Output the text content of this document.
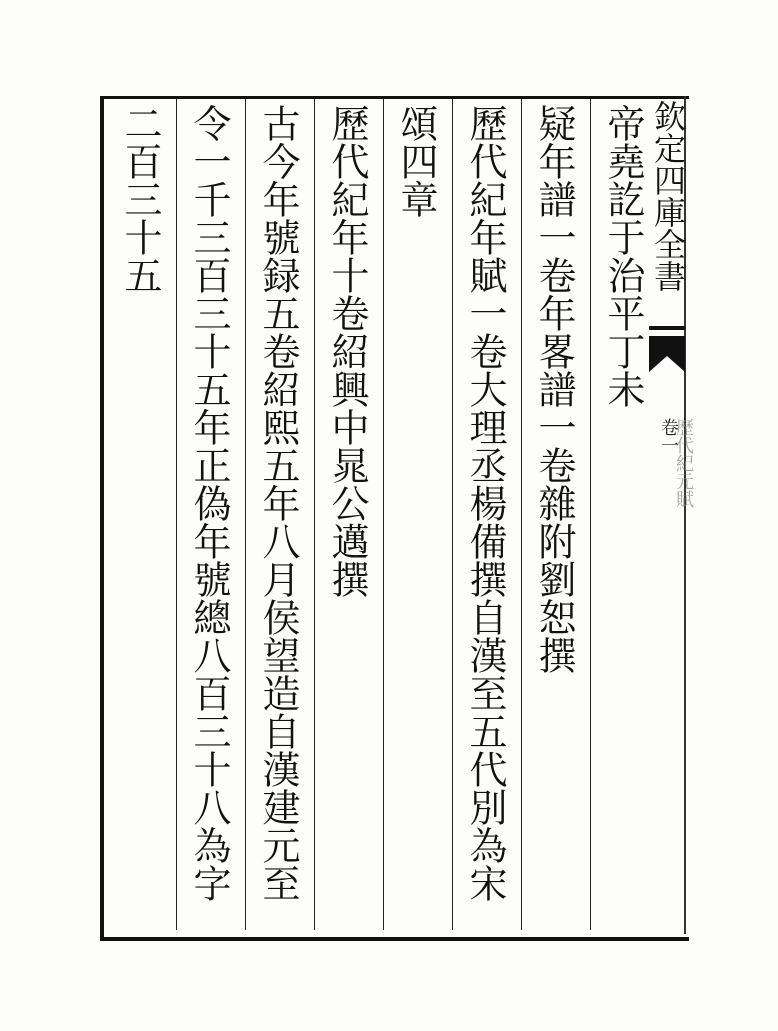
帝堯訖于治平丁未
疑年譜一卷年畧譜一卷雜附劉恕撰
歷代紀年賦一卷大理丞楊備撰自漢至五代別為宋
頌四章
歷代紀年十卷紹興中晁公邁撰
古今年號録五卷紹熙五年八月侯望造自漢建元至
令一千三百三十五年正偽年號總八百三十八為字
二百三十五	欽定四庫全書
卷一
歷代紀元賦
